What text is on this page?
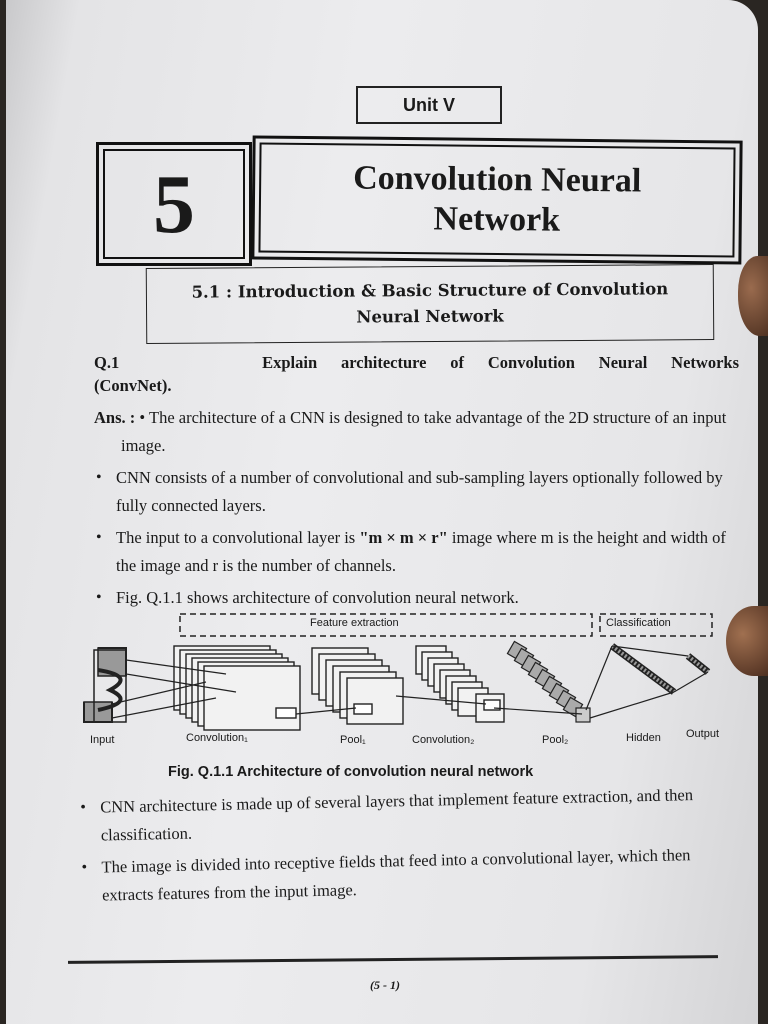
Unit V
5	Convolution Neural
Network
5.1 : Introduction & Basic Structure of Convolution
Neural Network
Q.1	Explain architecture of Convolution Neural Networks
(ConvNet).
Ans. : • The architecture of a CNN is designed to take advantage of the 2D structure of an input image.
• CNN consists of a number of convolutional and sub-sampling layers optionally followed by fully connected layers.
• The input to a convolutional layer is "m × m × r" image where m is the height and width of the image and r is the number of channels.
• Fig. Q.1.1 shows architecture of convolution neural network.
Feature extraction	Classification
Input	Convolution₁	Pool₁	Convolution₂	Pool₂	Hidden Output
Fig. Q.1.1 Architecture of convolution neural network
• CNN architecture is made up of several layers that implement feature extraction, and then classification.
• The image is divided into receptive fields that feed into a convolutional layer, which then extracts features from the input image.
(5 - 1)
